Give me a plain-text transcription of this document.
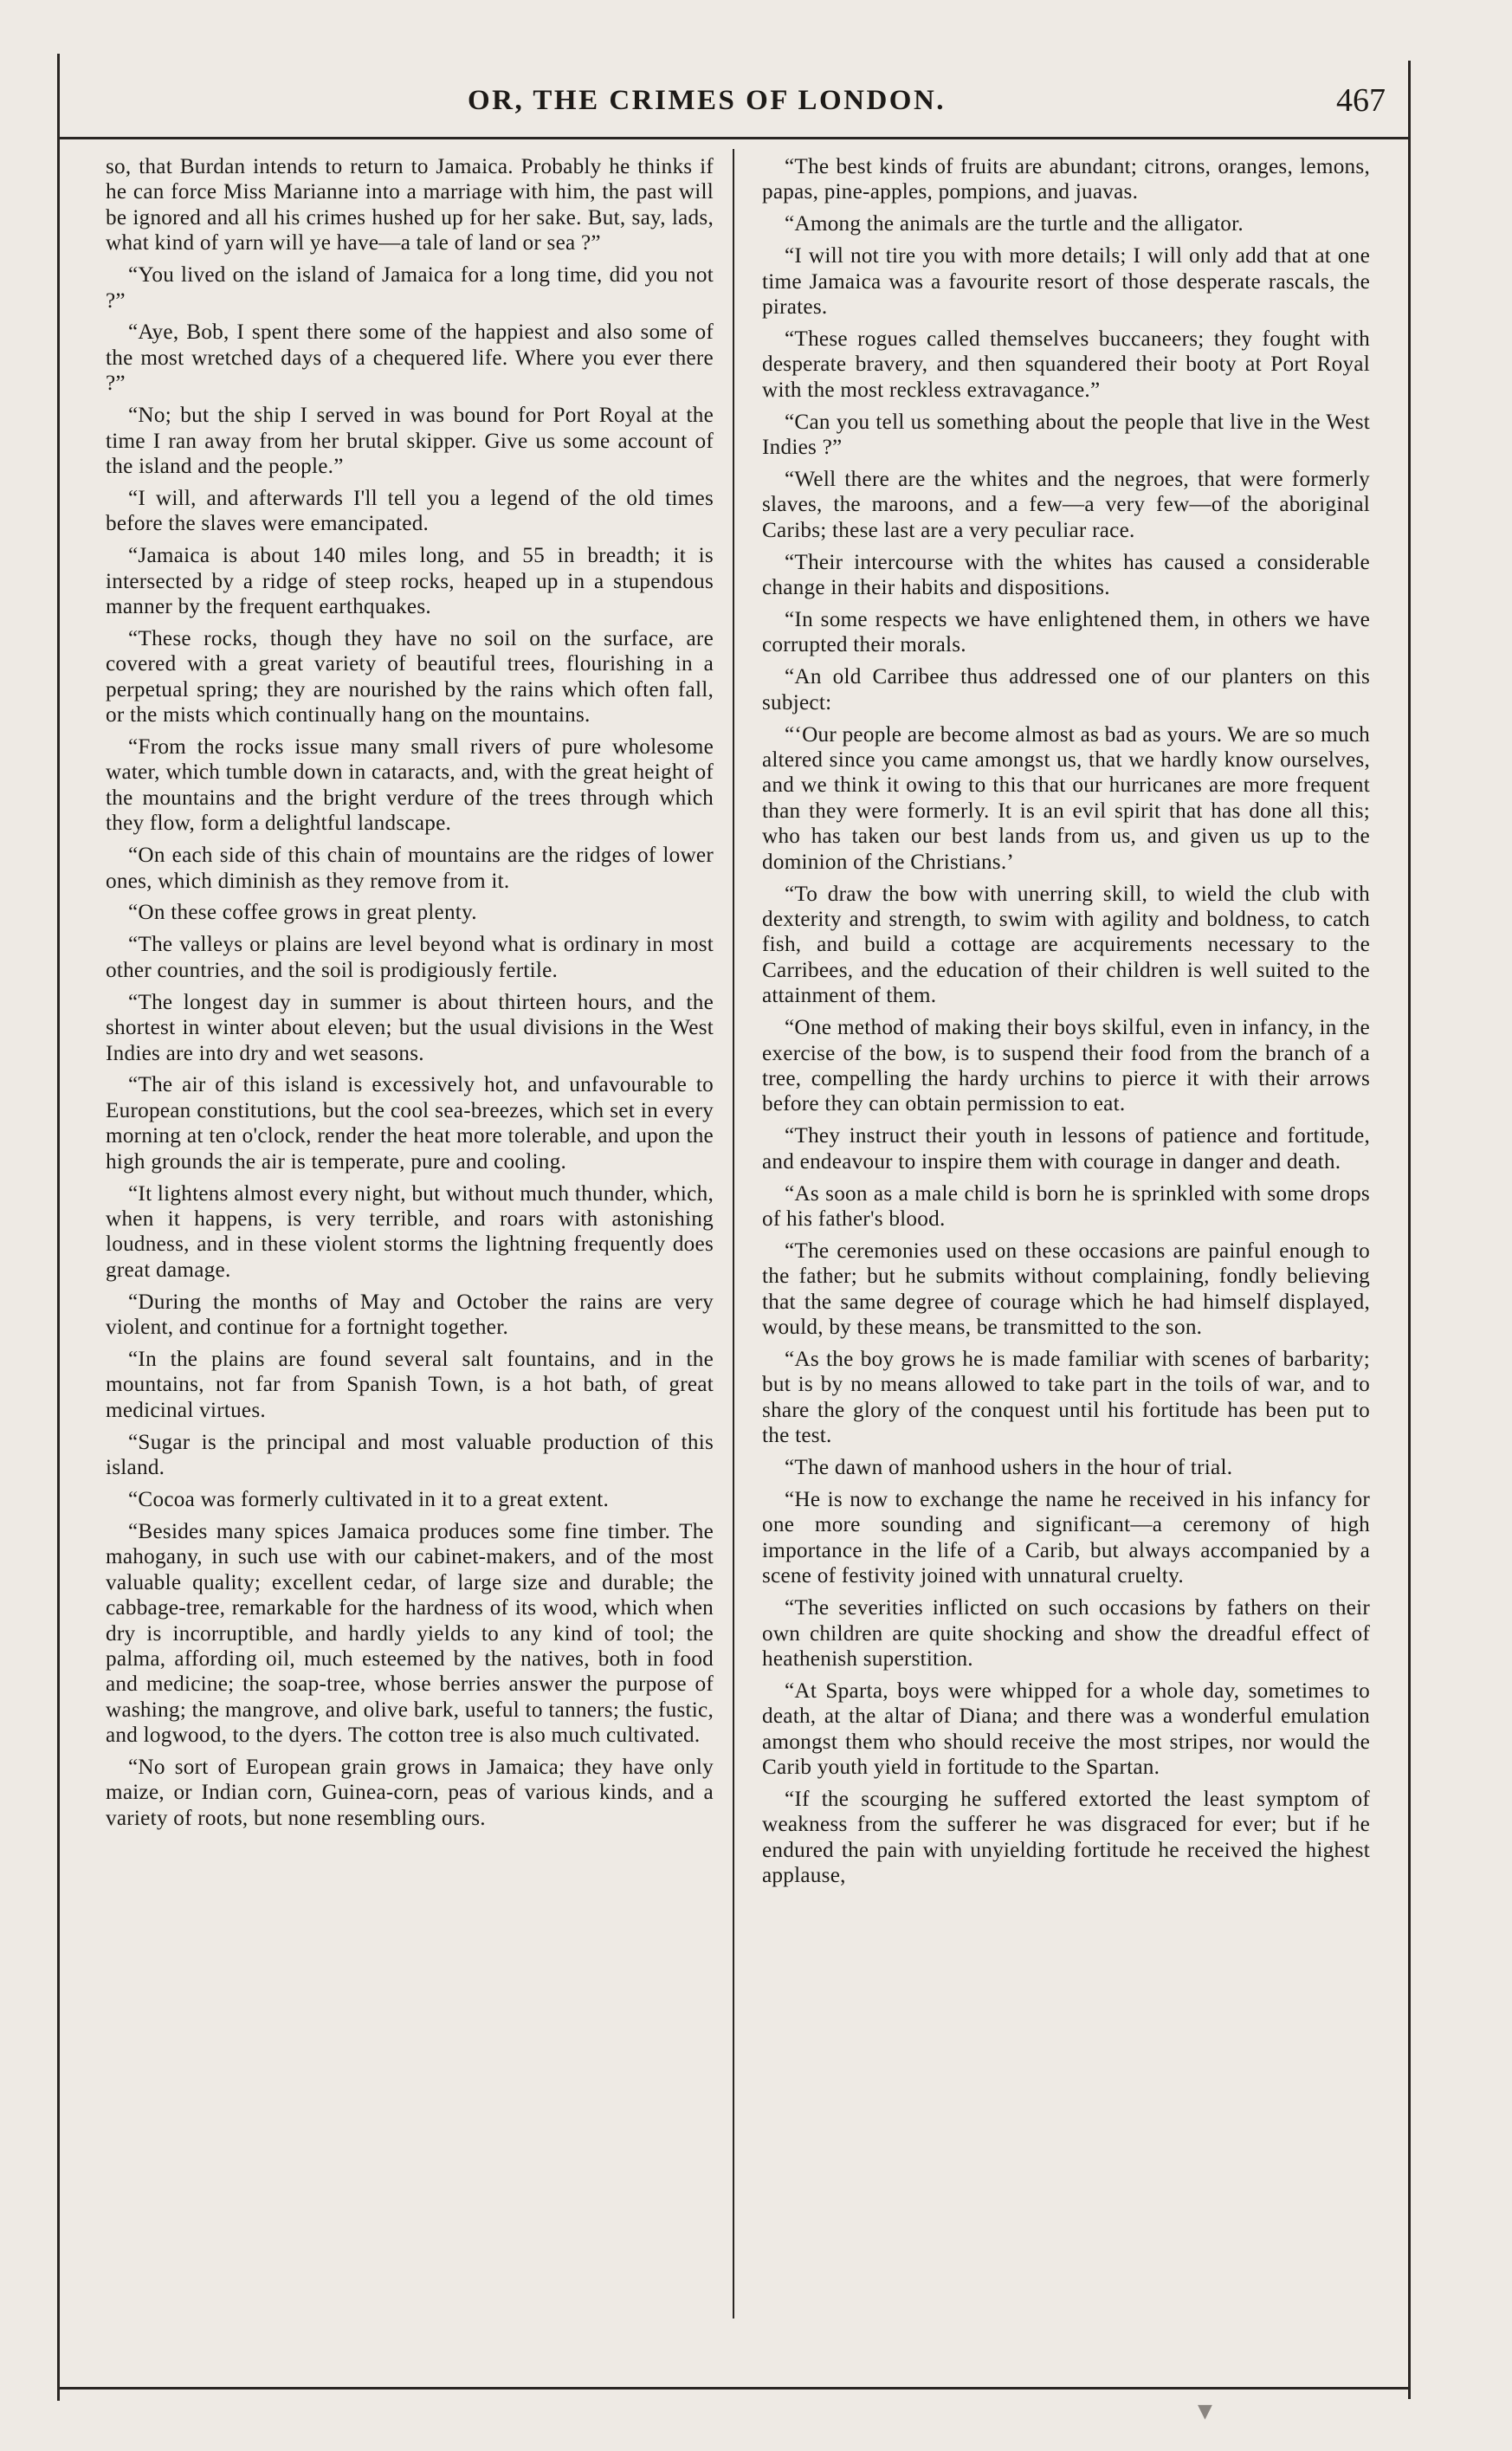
OR, THE CRIMES OF LONDON.	467

so, that Burdan intends to return to Jamaica. Probably he thinks if he can force Miss Marianne into a marriage with him, the past will be ignored and all his crimes hushed up for her sake. But, say, lads, what kind of yarn will ye have—a tale of land or sea ?”

“You lived on the island of Jamaica for a long time, did you not ?”

“Aye, Bob, I spent there some of the happiest and also some of the most wretched days of a chequered life. Where you ever there ?”

“No; but the ship I served in was bound for Port Royal at the time I ran away from her brutal skipper. Give us some account of the island and the people.”

“I will, and afterwards I'll tell you a legend of the old times before the slaves were emancipated.

“Jamaica is about 140 miles long, and 55 in breadth; it is intersected by a ridge of steep rocks, heaped up in a stupendous manner by the frequent earthquakes.

“These rocks, though they have no soil on the surface, are covered with a great variety of beautiful trees, flourishing in a perpetual spring; they are nourished by the rains which often fall, or the mists which continually hang on the mountains.

“From the rocks issue many small rivers of pure wholesome water, which tumble down in cataracts, and, with the great height of the mountains and the bright verdure of the trees through which they flow, form a delightful landscape.

“On each side of this chain of mountains are the ridges of lower ones, which diminish as they remove from it.

“On these coffee grows in great plenty.

“The valleys or plains are level beyond what is ordinary in most other countries, and the soil is prodigiously fertile.

“The longest day in summer is about thirteen hours, and the shortest in winter about eleven; but the usual divisions in the West Indies are into dry and wet seasons.

“The air of this island is excessively hot, and unfavourable to European constitutions, but the cool sea-breezes, which set in every morning at ten o'clock, render the heat more tolerable, and upon the high grounds the air is temperate, pure and cooling.

“It lightens almost every night, but without much thunder, which, when it happens, is very terrible, and roars with astonishing loudness, and in these violent storms the lightning frequently does great damage.

“During the months of May and October the rains are very violent, and continue for a fortnight together.

“In the plains are found several salt fountains, and in the mountains, not far from Spanish Town, is a hot bath, of great medicinal virtues.

“Sugar is the principal and most valuable production of this island.

“Cocoa was formerly cultivated in it to a great extent.

“Besides many spices Jamaica produces some fine timber. The mahogany, in such use with our cabinet-makers, and of the most valuable quality; excellent cedar, of large size and durable; the cabbage-tree, remarkable for the hardness of its wood, which when dry is incorruptible, and hardly yields to any kind of tool; the palma, affording oil, much esteemed by the natives, both in food and medicine; the soap-tree, whose berries answer the purpose of washing; the mangrove, and olive bark, useful to tanners; the fustic, and logwood, to the dyers. The cotton tree is also much cultivated.

“No sort of European grain grows in Jamaica; they have only maize, or Indian corn, Guinea-corn, peas of various kinds, and a variety of roots, but none resembling ours.

“The best kinds of fruits are abundant; citrons, oranges, lemons, papas, pine-apples, pompions, and juavas.

“Among the animals are the turtle and the alligator.

“I will not tire you with more details; I will only add that at one time Jamaica was a favourite resort of those desperate rascals, the pirates.

“These rogues called themselves buccaneers; they fought with desperate bravery, and then squandered their booty at Port Royal with the most reckless extravagance.”

“Can you tell us something about the people that live in the West Indies ?”

“Well there are the whites and the negroes, that were formerly slaves, the maroons, and a few—a very few—of the aboriginal Caribs; these last are a very peculiar race.

“Their intercourse with the whites has caused a considerable change in their habits and dispositions.

“In some respects we have enlightened them, in others we have corrupted their morals.

“An old Carribee thus addressed one of our planters on this subject:

“‘Our people are become almost as bad as yours. We are so much altered since you came amongst us, that we hardly know ourselves, and we think it owing to this that our hurricanes are more frequent than they were formerly. It is an evil spirit that has done all this; who has taken our best lands from us, and given us up to the dominion of the Christians.’

“To draw the bow with unerring skill, to wield the club with dexterity and strength, to swim with agility and boldness, to catch fish, and build a cottage are acquirements necessary to the Carribees, and the education of their children is well suited to the attainment of them.

“One method of making their boys skilful, even in infancy, in the exercise of the bow, is to suspend their food from the branch of a tree, compelling the hardy urchins to pierce it with their arrows before they can obtain permission to eat.

“They instruct their youth in lessons of patience and fortitude, and endeavour to inspire them with courage in danger and death.

“As soon as a male child is born he is sprinkled with some drops of his father's blood.

“The ceremonies used on these occasions are painful enough to the father; but he submits without complaining, fondly believing that the same degree of courage which he had himself displayed, would, by these means, be transmitted to the son.

“As the boy grows he is made familiar with scenes of barbarity; but is by no means allowed to take part in the toils of war, and to share the glory of the conquest until his fortitude has been put to the test.

“The dawn of manhood ushers in the hour of trial.

“He is now to exchange the name he received in his infancy for one more sounding and significant—a ceremony of high importance in the life of a Carib, but always accompanied by a scene of festivity joined with unnatural cruelty.

“The severities inflicted on such occasions by fathers on their own children are quite shocking and show the dreadful effect of heathenish superstition.

“At Sparta, boys were whipped for a whole day, sometimes to death, at the altar of Diana; and there was a wonderful emulation amongst them who should receive the most stripes, nor would the Carib youth yield in fortitude to the Spartan.

“If the scourging he suffered extorted the least symptom of weakness from the sufferer he was disgraced for ever; but if he endured the pain with unyielding fortitude he received the highest applause,

▼
